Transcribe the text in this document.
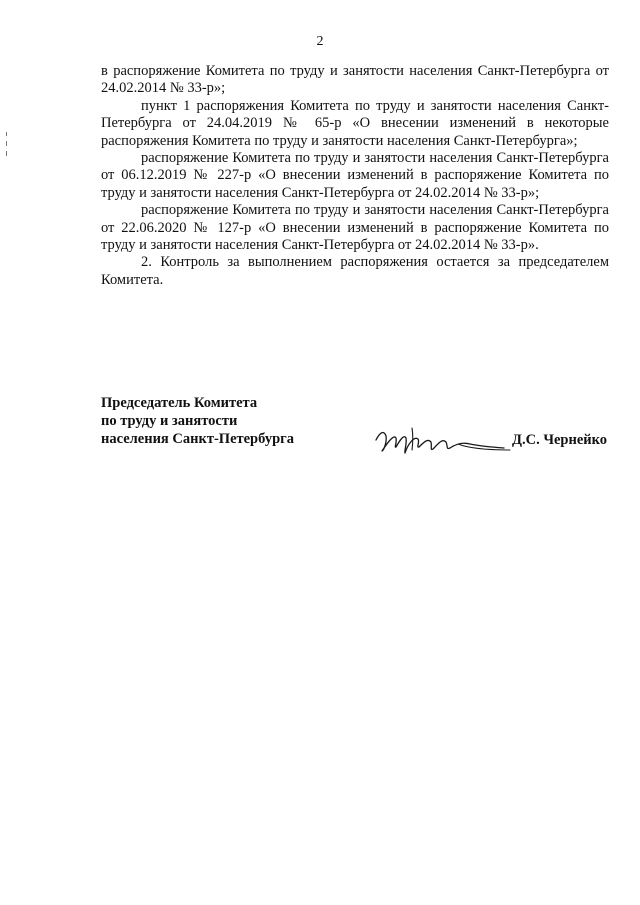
2

в распоряжение Комитета по труду и занятости населения Санкт-Петербурга от 24.02.2014 № 33-р»;

пункт 1 распоряжения Комитета по труду и занятости населения Санкт-Петербурга от 24.04.2019 № 65-р «О внесении изменений в некоторые распоряжения Комитета по труду и занятости населения Санкт-Петербурга»;

распоряжение Комитета по труду и занятости населения Санкт-Петербурга от 06.12.2019 № 227-р «О внесении изменений в распоряжение Комитета по труду и занятости населения Санкт-Петербурга от 24.02.2014 № 33-р»;

распоряжение Комитета по труду и занятости населения Санкт-Петербурга от 22.06.2020 № 127-р «О внесении изменений в распоряжение Комитета по труду и занятости населения Санкт-Петербурга от 24.02.2014 № 33-р».

2. Контроль за выполнением распоряжения остается за председателем Комитета.

Председатель Комитета
по труду и занятости
населения Санкт-Петербурга	Д.С. Чернейко
